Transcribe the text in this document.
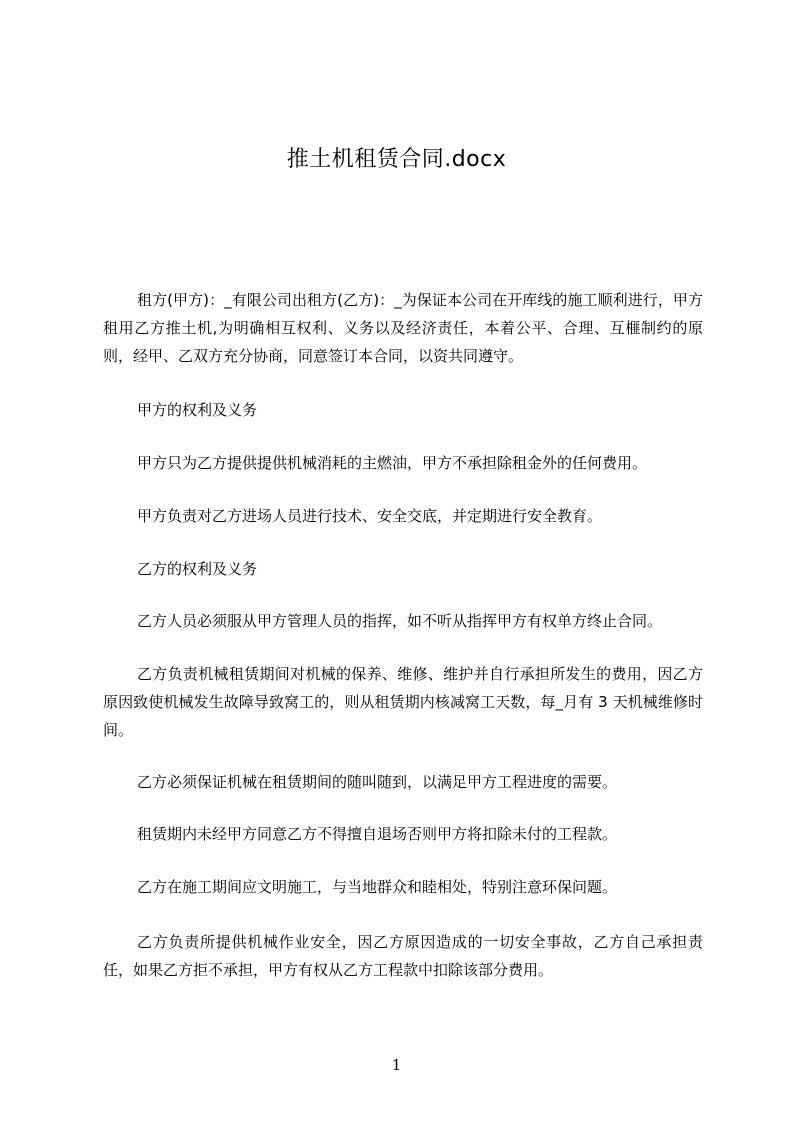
推土机租赁合同.docx

租方(甲方)：_有限公司出租方(乙方)：_为保证本公司在开库线的施工顺利进行，甲方租用乙方推土机,为明确相互权利、义务以及经济责任，本着公平、合理、互榧制约的原则，经甲、乙双方充分协商，同意签订本合同，以资共同遵守。

甲方的权利及义务

甲方只为乙方提供提供机械消耗的主燃油，甲方不承担除租金外的任何费用。

甲方负责对乙方进场人员进行技术、安全交底，并定期进行安全教育。

乙方的权利及义务

乙方人员必须服从甲方管理人员的指挥，如不听从指挥甲方有权单方终止合同。

乙方负责机械租赁期间对机械的保养、维修、维护并自行承担所发生的费用，因乙方原因致使机械发生故障导致窝工的，则从租赁期内核减窝工天数，每_月有 3 天机械维修时间。

乙方必须保证机械在租赁期间的随叫随到，以满足甲方工程进度的需要。

租赁期内未经甲方同意乙方不得擅自退场否则甲方将扣除未付的工程款。

乙方在施工期间应文明施工，与当地群众和睦相处，特别注意环保问题。

乙方负责所提供机械作业安全，因乙方原因造成的一切安全事故，乙方自己承担责任，如果乙方拒不承担，甲方有权从乙方工程款中扣除该部分费用。

1
